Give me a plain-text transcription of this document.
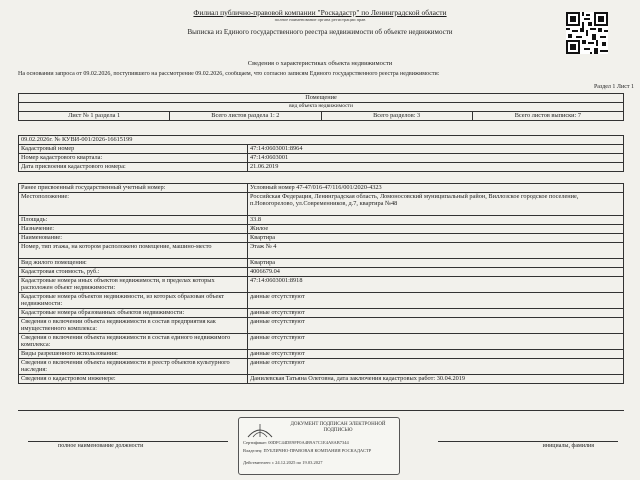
Филиал публично-правовой компании "Роскадастр" по Ленинградской области
полное наименование органа регистрации прав
Выписка из Единого государственного реестра недвижимости об объекте недвижимости
Сведения о характеристиках объекта недвижимости
На основании запроса от 09.02.2026, поступившего на рассмотрение 09.02.2026, сообщаем, что согласно записям Единого государственного реестра недвижимости:
Раздел 1 Лист 1
Помещение
вид объекта недвижимости
Лист № 1 раздела 1	Всего листов раздела 1: 2	Всего разделов: 3	Всего листов выписки: 7
09.02.2026г. № КУВИ-001/2026-16615199	
Кадастровый номер	47:14:0603001:8964
Номер кадастрового квартала:	47:14:0603001
Дата присвоения кадастрового номера:	21.06.2019
Ранее присвоенный государственный учетный номер:	Условный номер 47-47/016-47/116/001/2020-4323
Местоположение:	Российская Федерация, Ленинградская область, Ломоносовский муниципальный район, Виллозское городское поселение, п.Новогорелово, ул.Современников, д.7, квартира №48
Площадь:	33.8
Назначение:	Жилое
Наименование:	Квартира
Номер, тип этажа, на котором расположено помещение, машино-место	Этаж № 4
Вид жилого помещения:	Квартира
Кадастровая стоимость, руб.:	4006679.04
Кадастровые номера иных объектов недвижимости, в пределах которых расположен объект недвижимости:	47:14:0603001:8918
Кадастровые номера объектов недвижимости, из которых образован объект недвижимости:	данные отсутствуют
Кадастровые номера образованных объектов недвижимости:	данные отсутствуют
Сведения о включении объекта недвижимости в состав предприятия как имущественного комплекса:	данные отсутствуют
Сведения о включении объекта недвижимости в состав единого недвижимого комплекса:	данные отсутствуют
Виды разрешенного использования:	данные отсутствуют
Сведения о включении объекта недвижимости в реестр объектов культурного наследия:	данные отсутствуют
Сведения о кадастровом инженере:	Данилевская Татьяна Олеговна, дата заключения кадастровых работ: 30.04.2019
полное наименование должности	инициалы, фамилия
ДОКУМЕНТ ПОДПИСАН ЭЛЕКТРОННОЙ ПОДПИСЬЮ
Сертификат: 00DFC44DE9FF0A4B9A7C1E4A8AB7344
Владелец: ПУБЛИЧНО-ПРАВОВАЯ КОМПАНИЯ РОСКАДАСТР
Действителен: с 24.12.2025 по 19.03.2027
